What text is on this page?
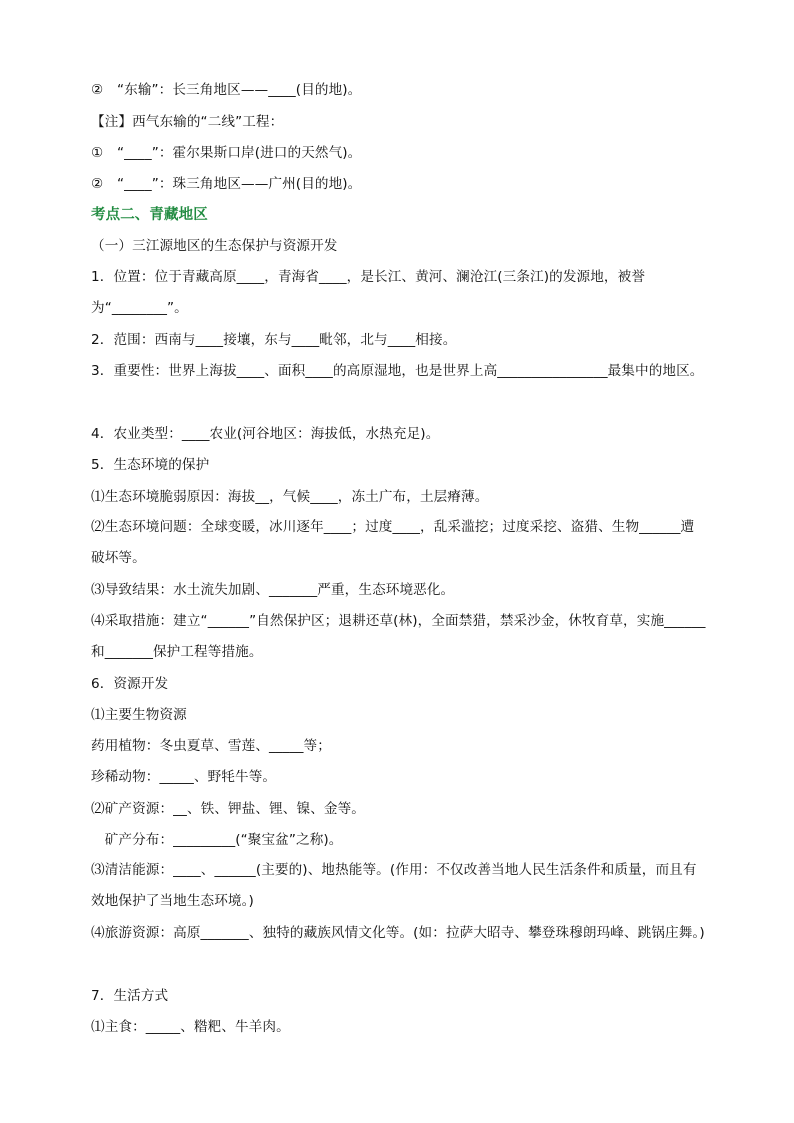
②　“东输”：长三角地区——____(目的地)。
【注】西气东输的“二线”工程：
①　“____”：霍尔果斯口岸(进口的天然气)。
②　“____”：珠三角地区——广州(目的地)。
考点二、青藏地区
（一）三江源地区的生态保护与资源开发
1．位置：位于青藏高原____，青海省____，是长江、黄河、澜沧江(三条江)的发源地，被誉为“________”。
2．范围：西南与____接壤，东与____毗邻，北与____相接。
3．重要性：世界上海拔____、面积____的高原湿地，也是世界上高________________最集中的地区。
4．农业类型：____农业(河谷地区：海拔低，水热充足)。
5．生态环境的保护
⑴生态环境脆弱原因：海拔__，气候____，冻土广布，土层瘠薄。
⑵生态环境问题：全球变暖，冰川逐年____；过度____，乱采滥挖；过度采挖、盗猎、生物______遭破坏等。
⑶导致结果：水土流失加剧、_______严重，生态环境恶化。
⑷采取措施：建立“______”自然保护区；退耕还草(林)，全面禁猎，禁采沙金，休牧育草，实施______和_______保护工程等措施。
6．资源开发
⑴主要生物资源
药用植物：冬虫夏草、雪莲、_____等；
珍稀动物：_____、野牦牛等。
⑵矿产资源：__、铁、钾盐、锂、镍、金等。
　矿产分布：_________(“聚宝盆”之称)。
⑶清洁能源：____、______(主要的)、地热能等。(作用：不仅改善当地人民生活条件和质量，而且有效地保护了当地生态环境。)
⑷旅游资源：高原_______、独特的藏族风情文化等。(如：拉萨大昭寺、攀登珠穆朗玛峰、跳锅庄舞。)
7．生活方式
⑴主食：_____、糌粑、牛羊肉。
